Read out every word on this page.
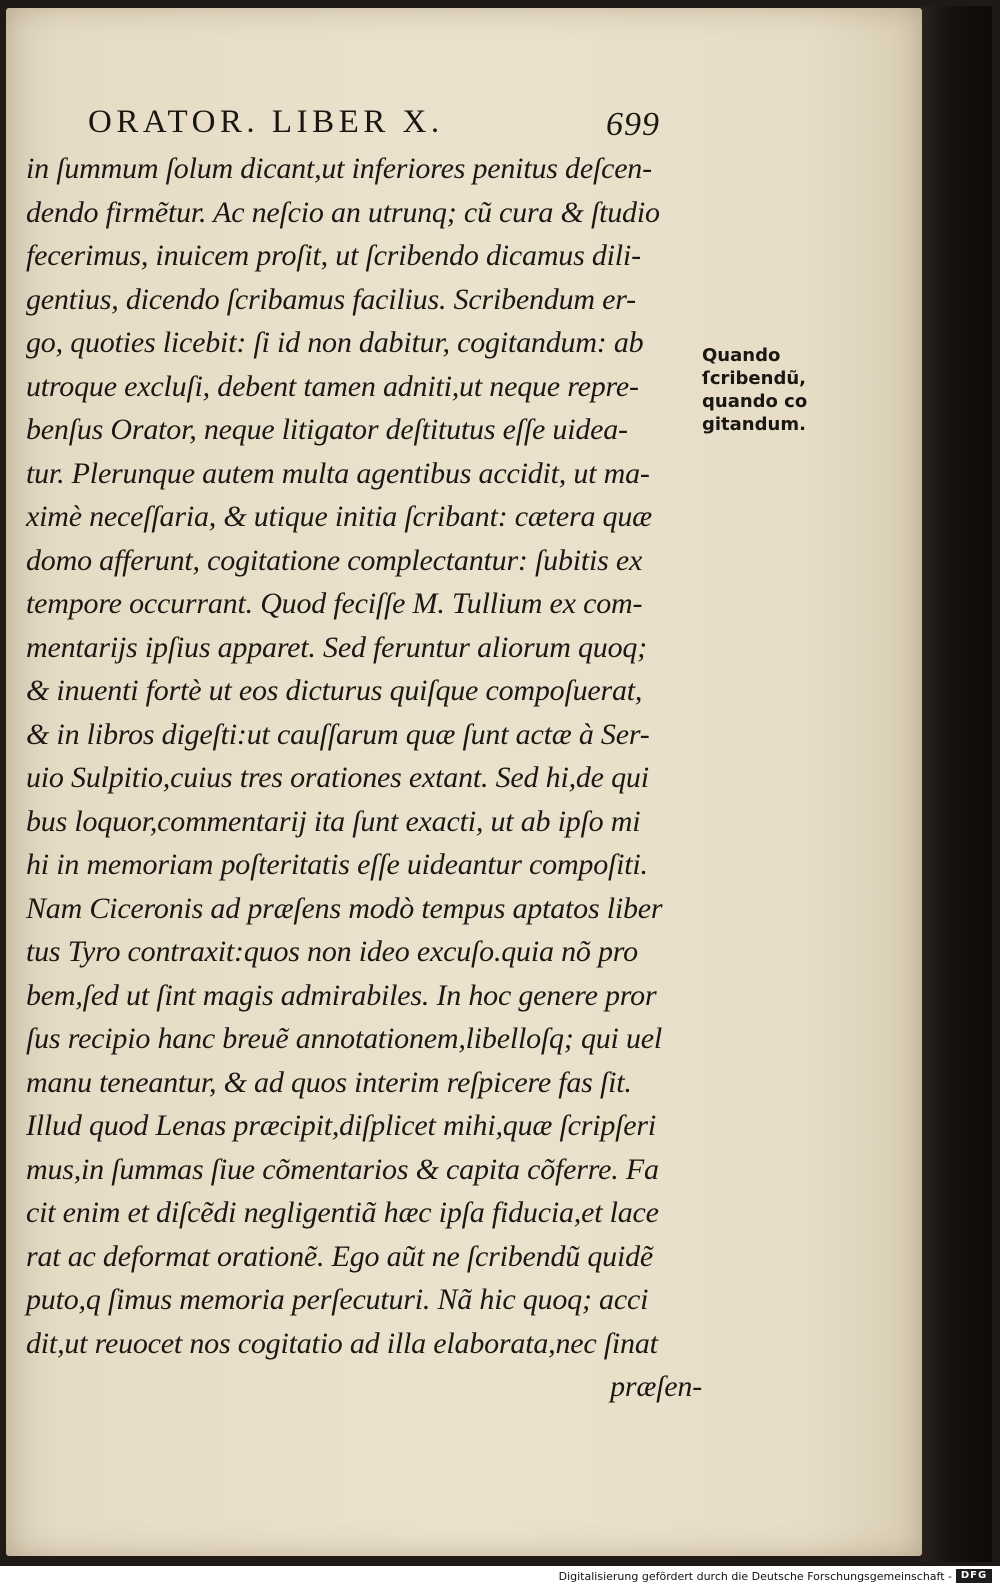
ORATOR. LIBER X.	699
in ſummum ſolum dicant,ut inferiores penitus deſcen-
dendo firmẽtur. Ac neſcio an utrunq; cũ cura & ſtudio
fecerimus, inuicem proſit, ut ſcribendo dicamus dili-
gentius, dicendo ſcribamus facilius. Scribendum er-
go, quoties licebit: ſi id non dabitur, cogitandum: ab
utroque excluſi, debent tamen adniti,ut neque repre-
benſus Orator, neque litigator deſtitutus eſſe uidea-
tur. Plerunque autem multa agentibus accidit, ut ma-
ximè neceſſaria, & utique initia ſcribant: cætera quæ
domo afferunt, cogitatione complectantur: ſubitis ex
tempore occurrant. Quod feciſſe M. Tullium ex com-
mentarijs ipſius apparet. Sed feruntur aliorum quoq;
& inuenti fortè ut eos dicturus quiſque compoſuerat,
& in libros digeſti:ut cauſſarum quæ ſunt actæ à Ser-
uio Sulpitio,cuius tres orationes extant. Sed hi,de qui
bus loquor,commentarij ita ſunt exacti, ut ab ipſo mi
hi in memoriam poſteritatis eſſe uideantur compoſiti.
Nam Ciceronis ad præſens modò tempus aptatos liber
tus Tyro contraxit:quos non ideo excuſo.quia nõ pro
bem,ſed ut ſint magis admirabiles. In hoc genere pror
ſus recipio hanc breuẽ annotationem,libelloſq; qui uel
manu teneantur, & ad quos interim reſpicere fas ſit.
Illud quod Lenas præcipit,diſplicet mihi,quæ ſcripſeri
mus,in ſummas ſiue cõmentarios & capita cõferre. Fa
cit enim et diſcẽdi negligentiã hæc ipſa fiducia,et lace
rat ac deformat orationẽ. Ego aũt ne ſcribendũ quidẽ
puto,q ſimus memoria perſecuturi. Nã hic quoq; acci
dit,ut reuocet nos cogitatio ad illa elaborata,nec ſinat
præſen-
Quando
ſcribendũ,
quando co
gitandum.
Digitalisierung gefördert durch die Deutsche Forschungsgemeinschaft - DFG
